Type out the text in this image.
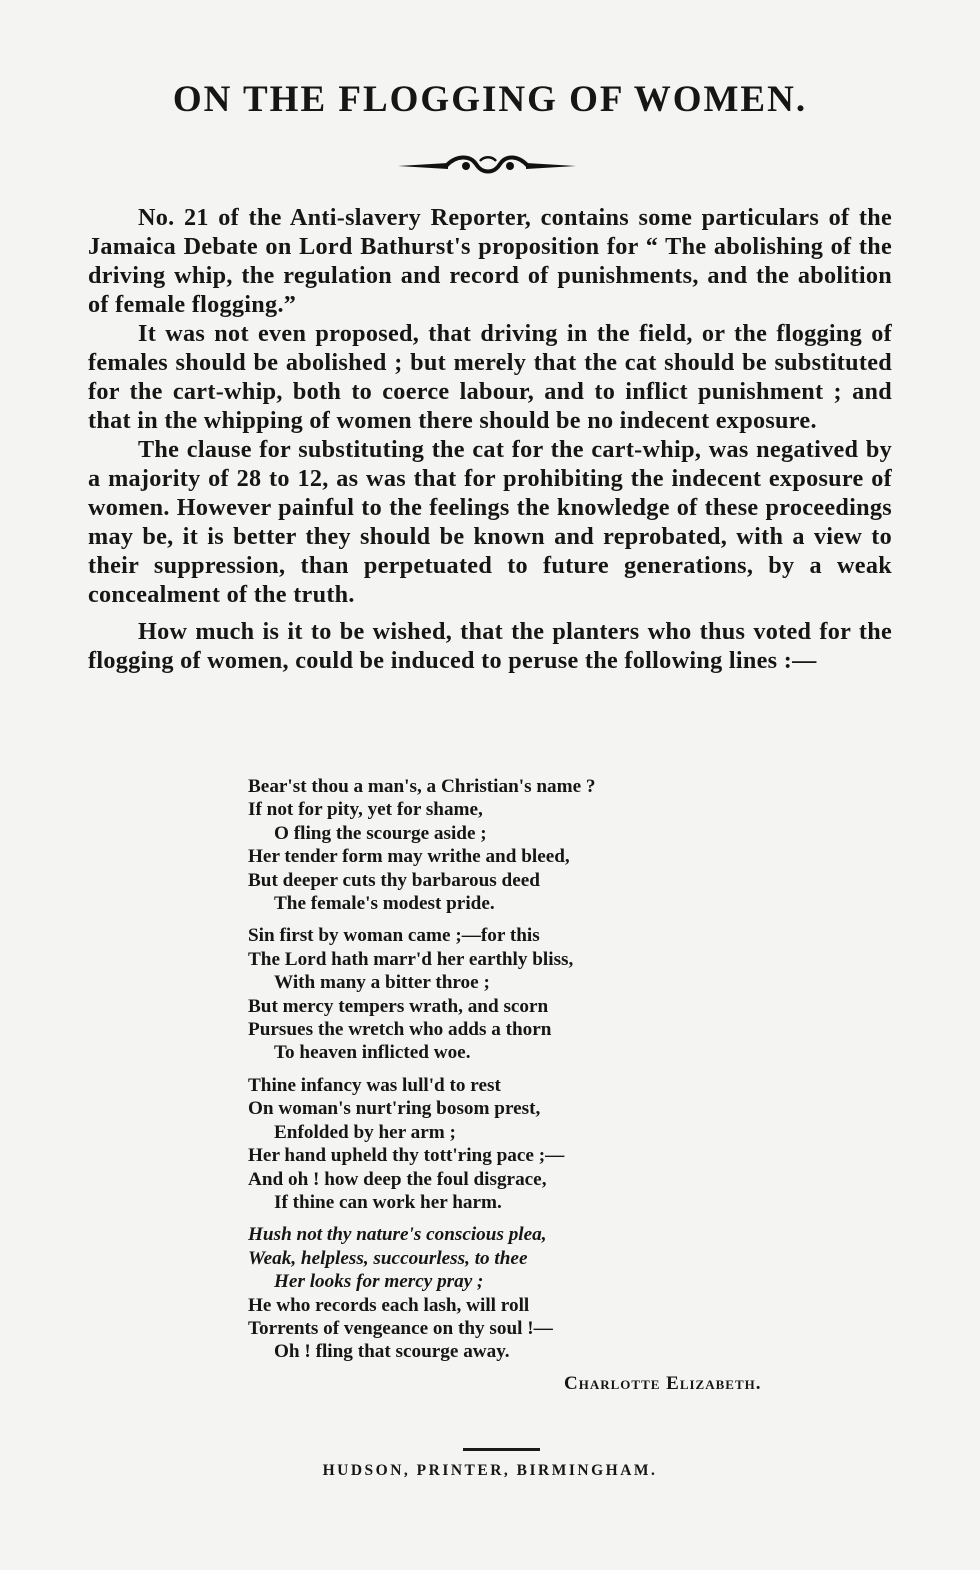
ON THE FLOGGING OF WOMEN.

No. 21 of the Anti-slavery Reporter, contains some particulars of the Jamaica Debate on Lord Bathurst's proposition for “ The abolishing of the driving whip, the regulation and record of punishments, and the abolition of female flogging.”

It was not even proposed, that driving in the field, or the flogging of females should be abolished ; but merely that the cat should be substituted for the cart-whip, both to coerce labour, and to inflict punishment ; and that in the whipping of women there should be no indecent exposure.

The clause for substituting the cat for the cart-whip, was negatived by a majority of 28 to 12, as was that for prohibiting the indecent exposure of women. However painful to the feelings the knowledge of these proceedings may be, it is better they should be known and reprobated, with a view to their suppression, than perpetuated to future generations, by a weak concealment of the truth.

How much is it to be wished, that the planters who thus voted for the flogging of women, could be induced to peruse the following lines :—

Bear'st thou a man's, a Christian's name ?
If not for pity, yet for shame,
O fling the scourge aside ;
Her tender form may writhe and bleed,
But deeper cuts thy barbarous deed
The female's modest pride.
Sin first by woman came ;—for this
The Lord hath marr'd her earthly bliss,
With many a bitter throe ;
But mercy tempers wrath, and scorn
Pursues the wretch who adds a thorn
To heaven inflicted woe.
Thine infancy was lull'd to rest
On woman's nurt'ring bosom prest,
Enfolded by her arm ;
Her hand upheld thy tott'ring pace ;—
And oh ! how deep the foul disgrace,
If thine can work her harm.
Hush not thy nature's conscious plea,
Weak, helpless, succourless, to thee
Her looks for mercy pray ;
He who records each lash, will roll
Torrents of vengeance on thy soul !—
Oh ! fling that scourge away.
Charlotte Elizabeth.
HUDSON, PRINTER, BIRMINGHAM.
